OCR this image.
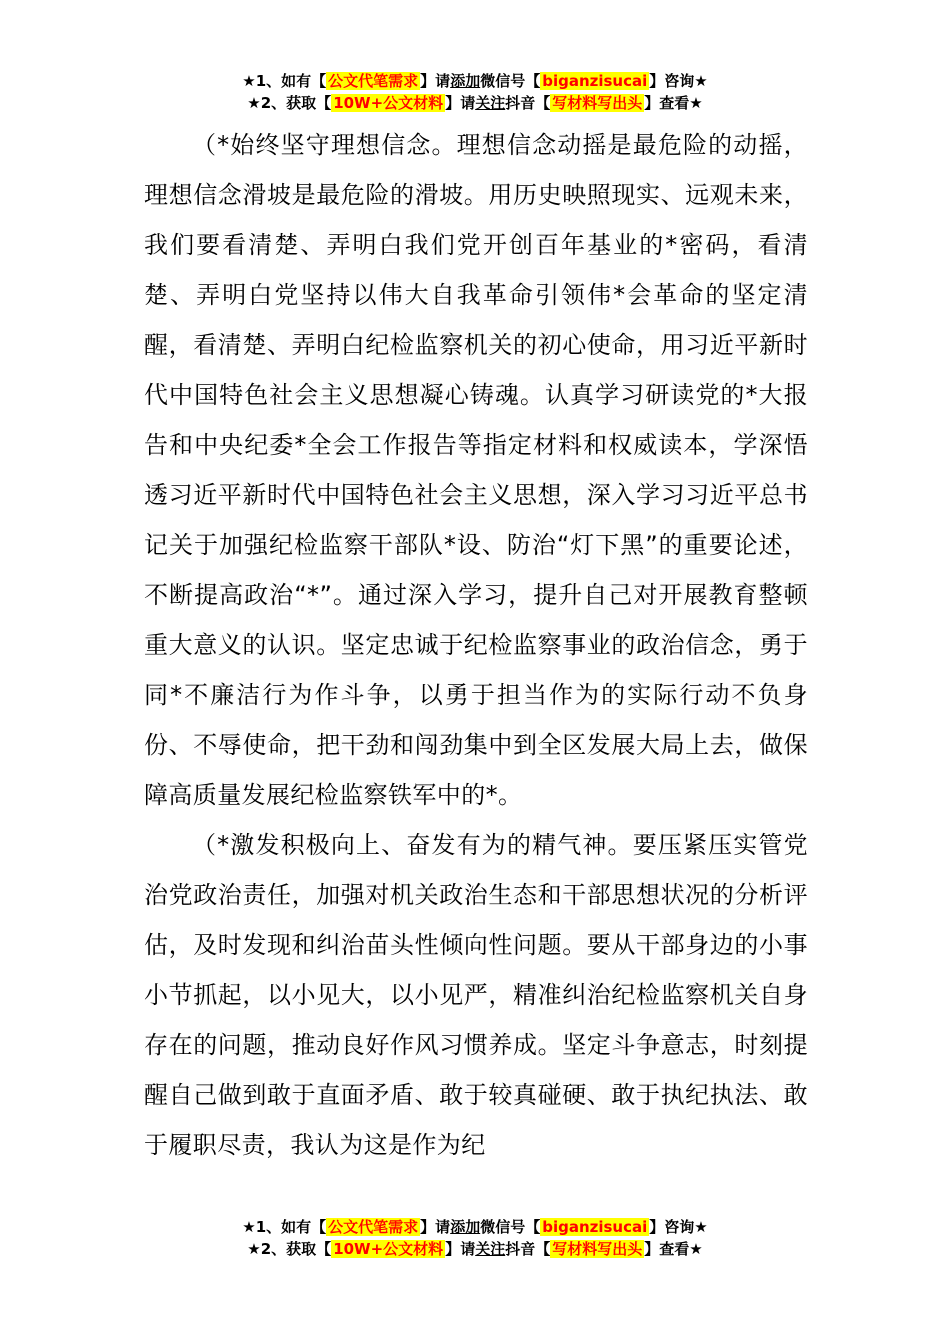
★1、如有【 公文代笔需求 】请添加微信号【 biganzisucai 】咨询★
★2、获取【 10W+公文材料 】请关注抖音【 写材料写出头 】查看★

（*始终坚守理想信念。理想信念动摇是最危险的动摇，理想信念滑坡是最危险的滑坡。用历史映照现实、远观未来，我们要看清楚、弄明白我们党开创百年基业的*密码，看清楚、弄明白党坚持以伟大自我革命引领伟*会革命的坚定清醒，看清楚、弄明白纪检监察机关的初心使命，用习近平新时代中国特色社会主义思想凝心铸魂。认真学习研读党的*大报告和中央纪委*全会工作报告等指定材料和权威读本，学深悟透习近平新时代中国特色社会主义思想，深入学习习近平总书记关于加强纪检监察干部队*设、防治“灯下黑”的重要论述，不断提高政治“*”。通过深入学习，提升自己对开展教育整顿重大意义的认识。坚定忠诚于纪检监察事业的政治信念，勇于同*不廉洁行为作斗争，以勇于担当作为的实际行动不负身份、不辱使命，把干劲和闯劲集中到全区发展大局上去，做保障高质量发展纪检监察铁军中的*。

（*激发积极向上、奋发有为的精气神。要压紧压实管党治党政治责任，加强对机关政治生态和干部思想状况的分析评估，及时发现和纠治苗头性倾向性问题。要从干部身边的小事小节抓起，以小见大，以小见严，精准纠治纪检监察机关自身存在的问题，推动良好作风习惯养成。坚定斗争意志，时刻提醒自己做到敢于直面矛盾、敢于较真碰硬、敢于执纪执法、敢于履职尽责，我认为这是作为纪

★1、如有【 公文代笔需求 】请添加微信号【 biganzisucai 】咨询★
★2、获取【 10W+公文材料 】请关注抖音【 写材料写出头 】查看★
